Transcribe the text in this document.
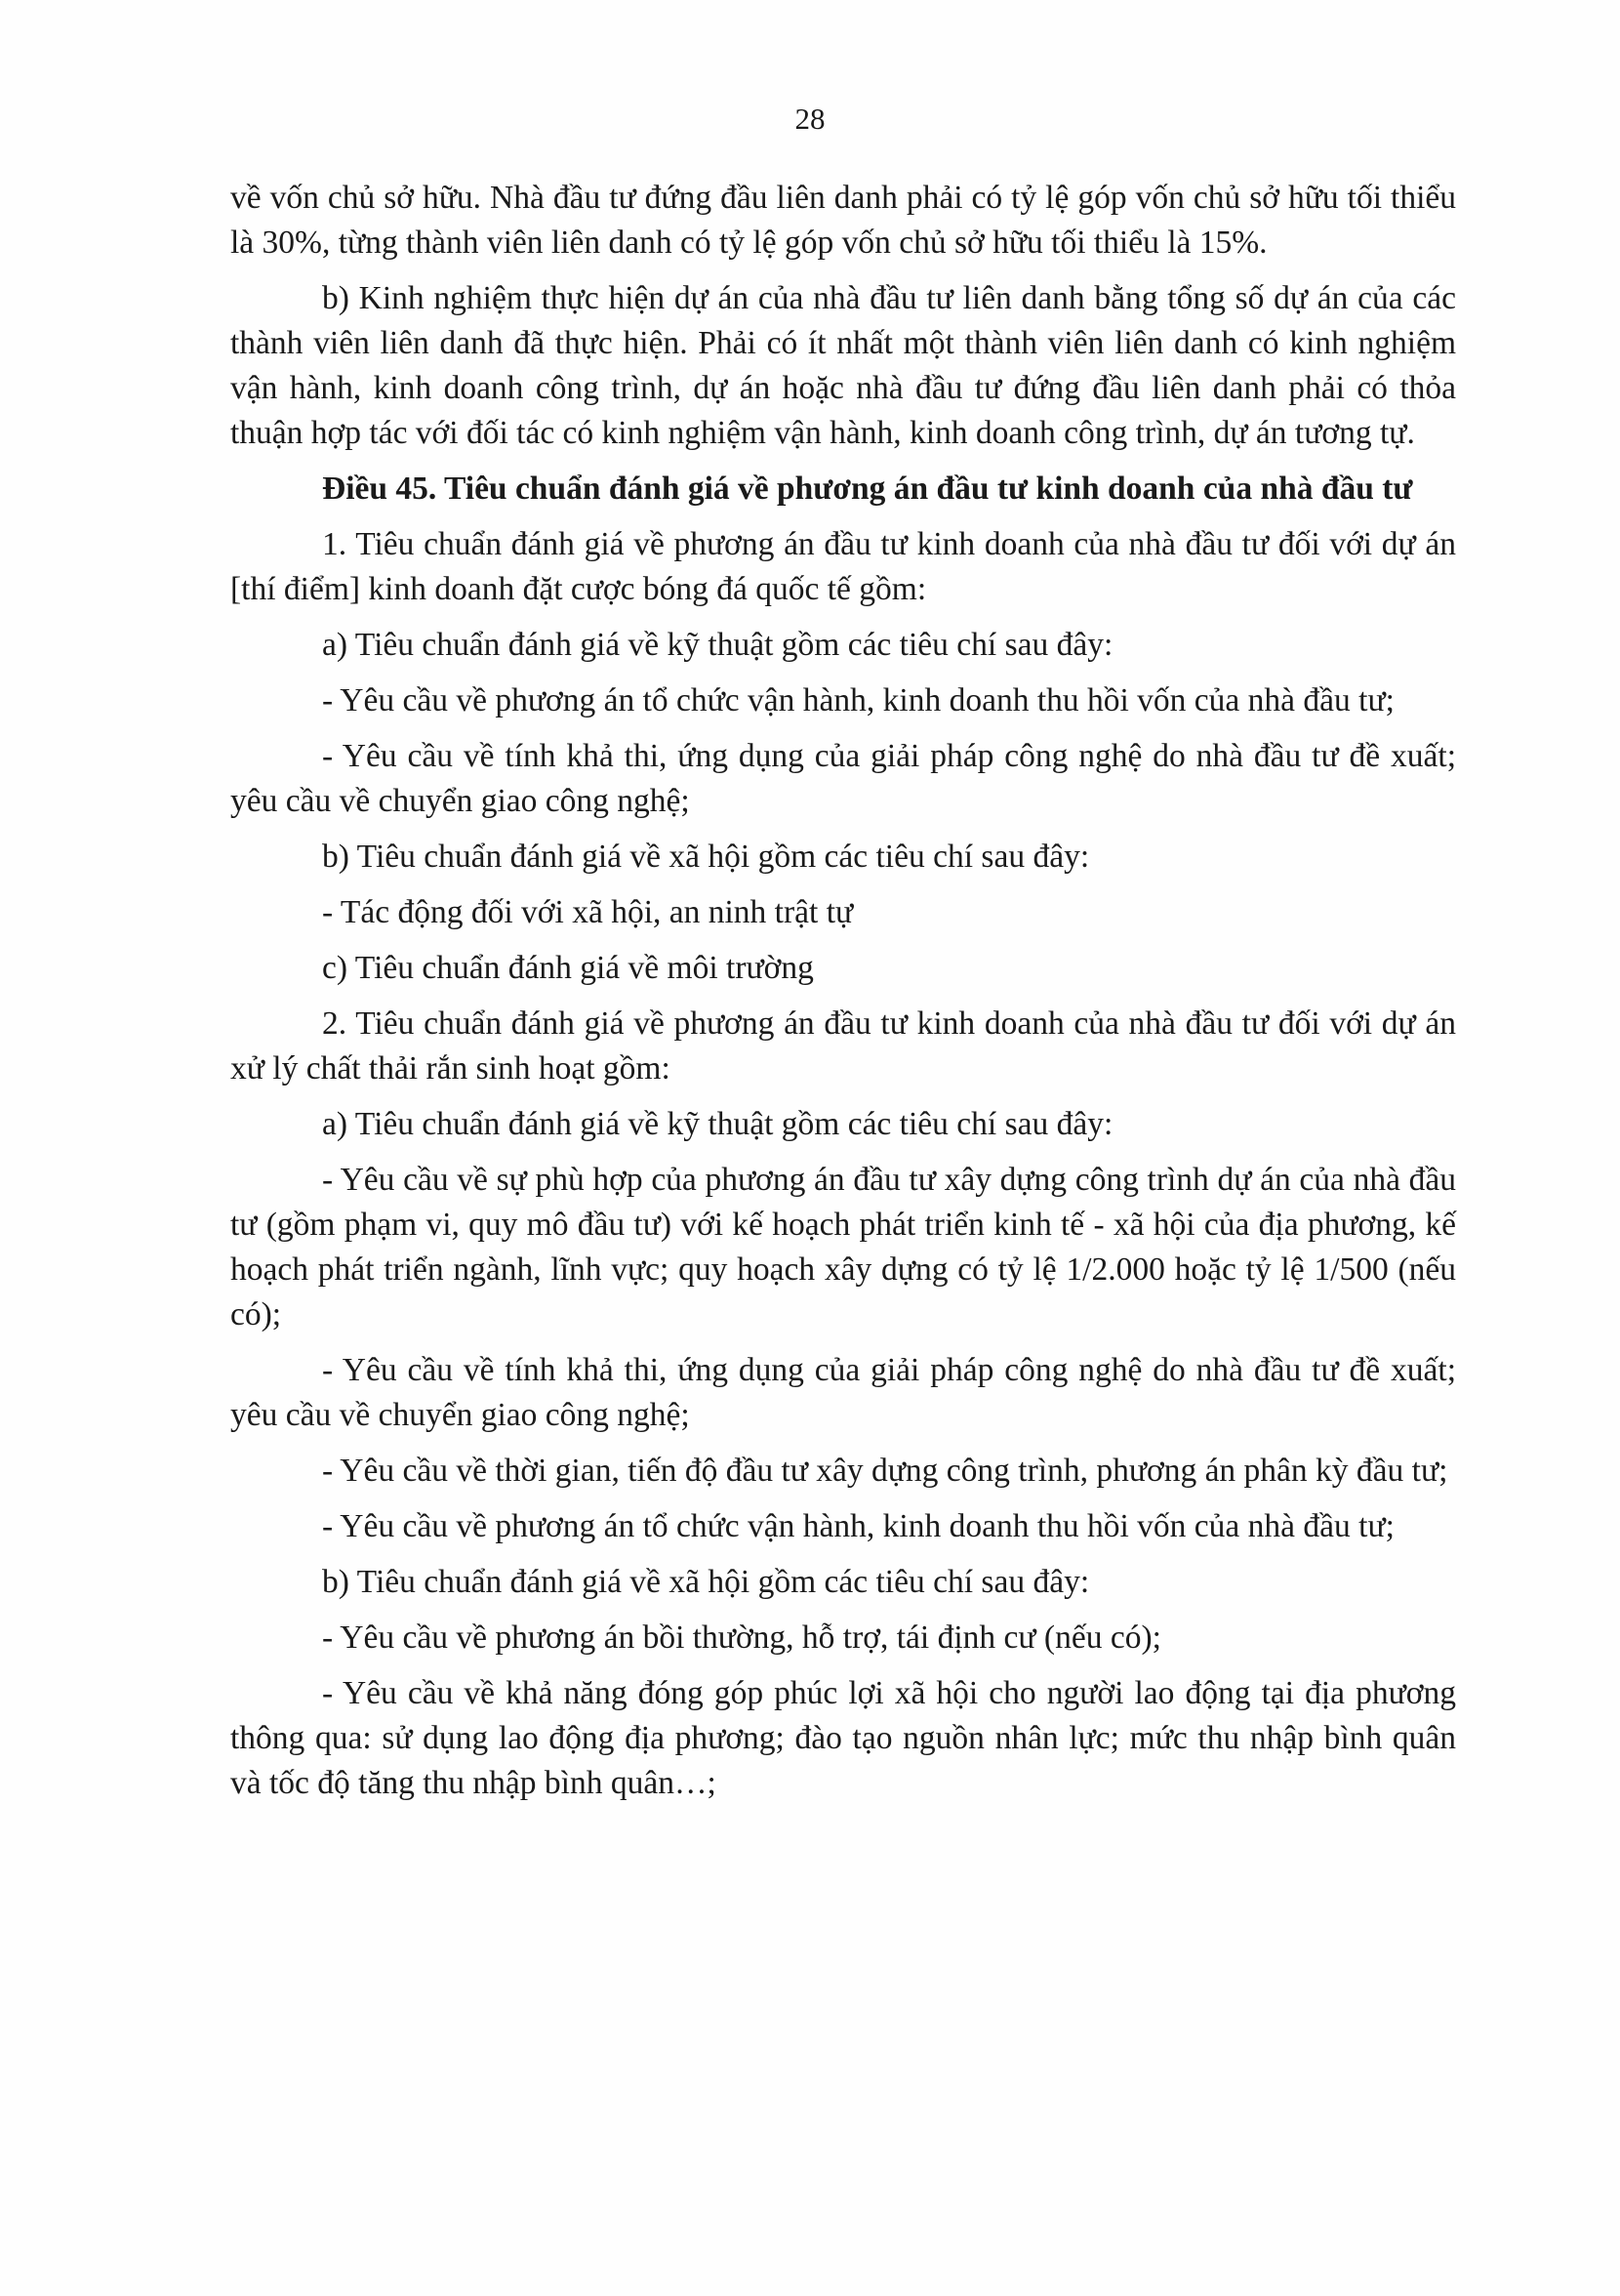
28

về vốn chủ sở hữu. Nhà đầu tư đứng đầu liên danh phải có tỷ lệ góp vốn chủ sở hữu tối thiểu là 30%, từng thành viên liên danh có tỷ lệ góp vốn chủ sở hữu tối thiểu là 15%.

b) Kinh nghiệm thực hiện dự án của nhà đầu tư liên danh bằng tổng số dự án của các thành viên liên danh đã thực hiện. Phải có ít nhất một thành viên liên danh có kinh nghiệm vận hành, kinh doanh công trình, dự án hoặc nhà đầu tư đứng đầu liên danh phải có thỏa thuận hợp tác với đối tác có kinh nghiệm vận hành, kinh doanh công trình, dự án tương tự.

Điều 45. Tiêu chuẩn đánh giá về phương án đầu tư kinh doanh của nhà đầu tư

1. Tiêu chuẩn đánh giá về phương án đầu tư kinh doanh của nhà đầu tư đối với dự án [thí điểm] kinh doanh đặt cược bóng đá quốc tế gồm:

a) Tiêu chuẩn đánh giá về kỹ thuật gồm các tiêu chí sau đây:

- Yêu cầu về phương án tổ chức vận hành, kinh doanh thu hồi vốn của nhà đầu tư;

- Yêu cầu về tính khả thi, ứng dụng của giải pháp công nghệ do nhà đầu tư đề xuất; yêu cầu về chuyển giao công nghệ;

b) Tiêu chuẩn đánh giá về xã hội gồm các tiêu chí sau đây:

- Tác động đối với xã hội, an ninh trật tự

c) Tiêu chuẩn đánh giá về môi trường

2. Tiêu chuẩn đánh giá về phương án đầu tư kinh doanh của nhà đầu tư đối với dự án xử lý chất thải rắn sinh hoạt gồm:

a) Tiêu chuẩn đánh giá về kỹ thuật gồm các tiêu chí sau đây:

- Yêu cầu về sự phù hợp của phương án đầu tư xây dựng công trình dự án của nhà đầu tư (gồm phạm vi, quy mô đầu tư) với kế hoạch phát triển kinh tế - xã hội của địa phương, kế hoạch phát triển ngành, lĩnh vực; quy hoạch xây dựng có tỷ lệ 1/2.000 hoặc tỷ lệ 1/500 (nếu có);

- Yêu cầu về tính khả thi, ứng dụng của giải pháp công nghệ do nhà đầu tư đề xuất; yêu cầu về chuyển giao công nghệ;

- Yêu cầu về thời gian, tiến độ đầu tư xây dựng công trình, phương án phân kỳ đầu tư;

- Yêu cầu về phương án tổ chức vận hành, kinh doanh thu hồi vốn của nhà đầu tư;

b) Tiêu chuẩn đánh giá về xã hội gồm các tiêu chí sau đây:

- Yêu cầu về phương án bồi thường, hỗ trợ, tái định cư (nếu có);

- Yêu cầu về khả năng đóng góp phúc lợi xã hội cho người lao động tại địa phương thông qua: sử dụng lao động địa phương; đào tạo nguồn nhân lực; mức thu nhập bình quân và tốc độ tăng thu nhập bình quân…;
